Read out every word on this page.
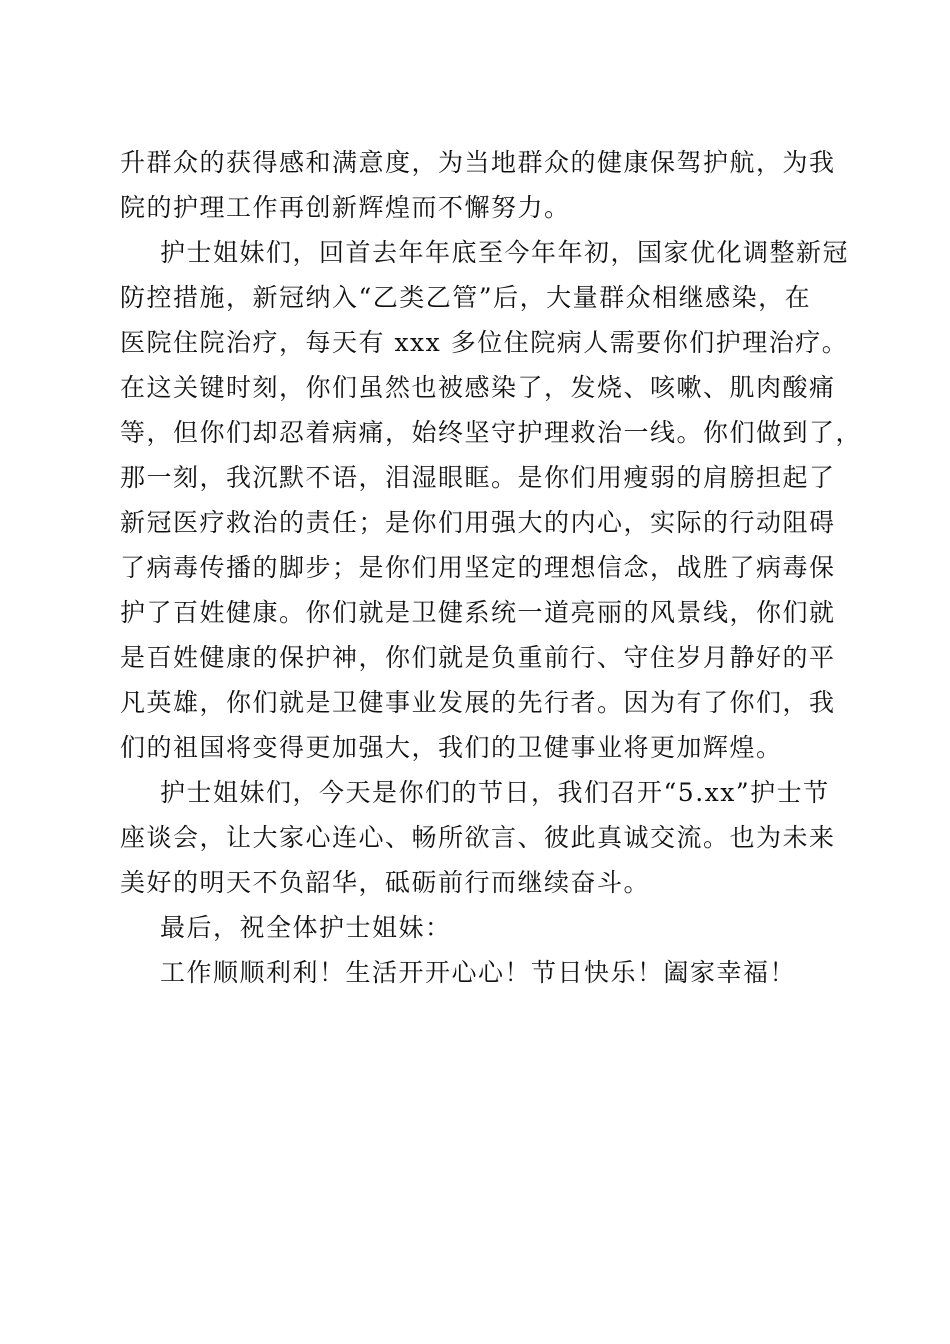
升群众的获得感和满意度，为当地群众的健康保驾护航，为我
院的护理工作再创新辉煌而不懈努力。
护士姐妹们，回首去年年底至今年年初，国家优化调整新冠
防控措施，新冠纳入“乙类乙管”后，大量群众相继感染，在
医院住院治疗，每天有 xxx 多位住院病人需要你们护理治疗。
在这关键时刻，你们虽然也被感染了，发烧、咳嗽、肌肉酸痛
等，但你们却忍着病痛，始终坚守护理救治一线。你们做到了，
那一刻，我沉默不语，泪湿眼眶。是你们用瘦弱的肩膀担起了
新冠医疗救治的责任；是你们用强大的内心，实际的行动阻碍
了病毒传播的脚步；是你们用坚定的理想信念，战胜了病毒保
护了百姓健康。你们就是卫健系统一道亮丽的风景线，你们就
是百姓健康的保护神，你们就是负重前行、守住岁月静好的平
凡英雄，你们就是卫健事业发展的先行者。因为有了你们，我
们的祖国将变得更加强大，我们的卫健事业将更加辉煌。
护士姐妹们，今天是你们的节日，我们召开“5.xx”护士节
座谈会，让大家心连心、畅所欲言、彼此真诚交流。也为未来
美好的明天不负韶华，砥砺前行而继续奋斗。
最后，祝全体护士姐妹：
工作顺顺利利！生活开开心心！节日快乐！阖家幸福！
